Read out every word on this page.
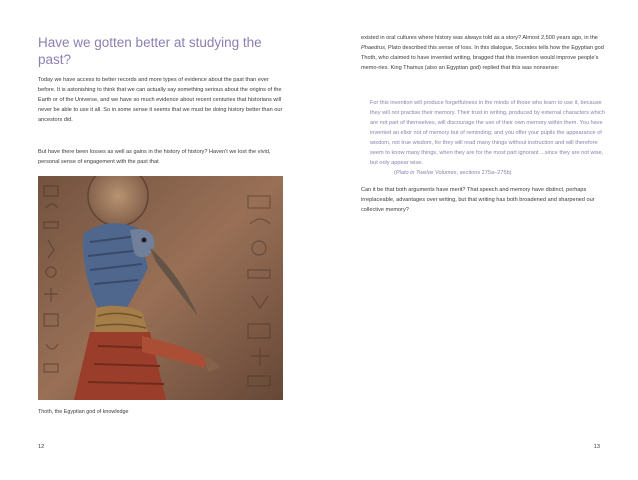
Have we gotten better at studying the past?

Today we have access to better records and more types of evidence about the past than ever before. It is astonishing to think that we can actually say something serious about the origins of the Earth or of the Universe, and we have so much evidence about recent centuries that historians will never be able to use it all. So in some sense it seems that we must be doing history better than our ancestors did.

But have there been losses as well as gains in the history of history? Haven't we lost the vivid, personal sense of engagement with the past that

Thoth, the Egyptian god of knowledge
12

existed in oral cultures where history was always told as a story? Almost 2,500 years ago, in the Phaedrus, Plato described this sense of loss. In this dialogue, Socrates tells how the Egyptian god Thoth, who claimed to have invented writing, bragged that this invention would improve people's memo-ries. King Thamus (also an Egyptian god) replied that this was nonsense:

For this invention will produce forgetfulness in the minds of those who learn to use it, because they will not practise their memory. Their trust in writing, produced by external characters which are not part of themselves, will discourage the use of their own memory within them. You have invented an elixir not of memory but of reminding; and you offer your pupils the appearance of wisdom, not true wisdom, for they will read many things without instruction and will therefore seem to know many things, when they are for the most part ignorant ...since they are not wise, but only appear wise.
(Plato in Twelve Volumes, sections 275a–275b)

Can it be that both arguments have merit? That speech and memory have distinct, perhaps irreplaceable, advantages over writing, but that writing has both broadened and sharpened our collective memory?

13
